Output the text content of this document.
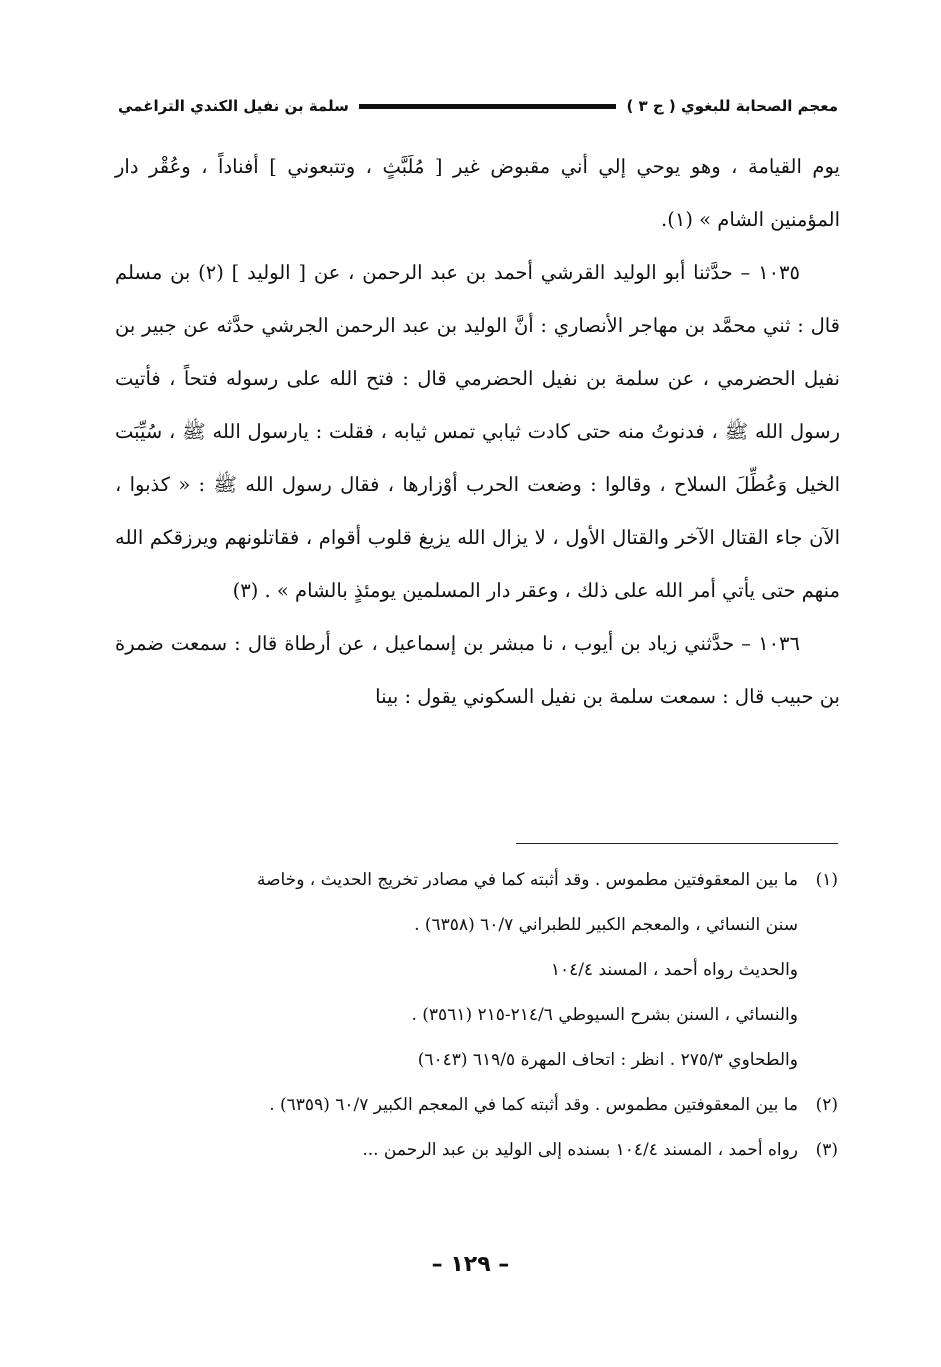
معجم الصحابة للبغوي ( ج ٣ )
سلمة بن نفيل الكندي التراغمي

يوم القيامة ، وهو يوحي إلي أني مقبوض غير [ مُلَبَّثٍ ، وتتبعوني ] أفناداً ، وعُقْر دار المؤمنين الشام » (١).

١٠٣٥ – حدَّثنا أبو الوليد القرشي أحمد بن عبد الرحمن ، عن [ الوليد ] (٢) بن مسلم قال : ثني محمَّد بن مهاجر الأنصاري : أنَّ الوليد بن عبد الرحمن الجرشي حدَّثه عن جبير بن نفيل الحضرمي ، عن سلمة بن نفيل الحضرمي قال : فتح الله على رسوله فتحاً ، فأتيت رسول الله ﷺ ، فدنوتُ منه حتى كادت ثيابي تمس ثيابه ، فقلت : يارسول الله ﷺ ، سُيِّبَت الخيل وَعُطِّلَ السلاح ، وقالوا : وضعت الحرب أوْزارها ، فقال رسول الله ﷺ : « كذبوا ، الآن جاء القتال الآخر والقتال الأول ، لا يزال الله يزيغ قلوب أقوام ، فقاتلونهم ويرزقكم الله منهم حتى يأتي أمر الله على ذلك ، وعقر دار المسلمين يومئذٍ بالشام » . (٣)

١٠٣٦ – حدَّثني زياد بن أيوب ، نا مبشر بن إسماعيل ، عن أرطاة قال : سمعت ضمرة بن حبيب قال : سمعت سلمة بن نفيل السكوني يقول : بينا

(١)
ما بين المعقوفتين مطموس . وقد أثبته كما في مصادر تخريج الحديث ، وخاصة
سنن النسائي ، والمعجم الكبير للطبراني ٦٠/٧ (٦٣٥٨) .
والحديث رواه أحمد ، المسند ١٠٤/٤
والنسائي ، السنن بشرح السيوطي ٢١٤/٦-٢١٥ (٣٥٦١) .
والطحاوي ٢٧٥/٣ . انظر : اتحاف المهرة ٦١٩/٥ (٦٠٤٣)
(٢)
ما بين المعقوفتين مطموس . وقد أثبته كما في المعجم الكبير ٦٠/٧ (٦٣٥٩) .
(٣)
رواه أحمد ، المسند ١٠٤/٤ بسنده إلى الوليد بن عبد الرحمن ...
– ١٢٩ –
